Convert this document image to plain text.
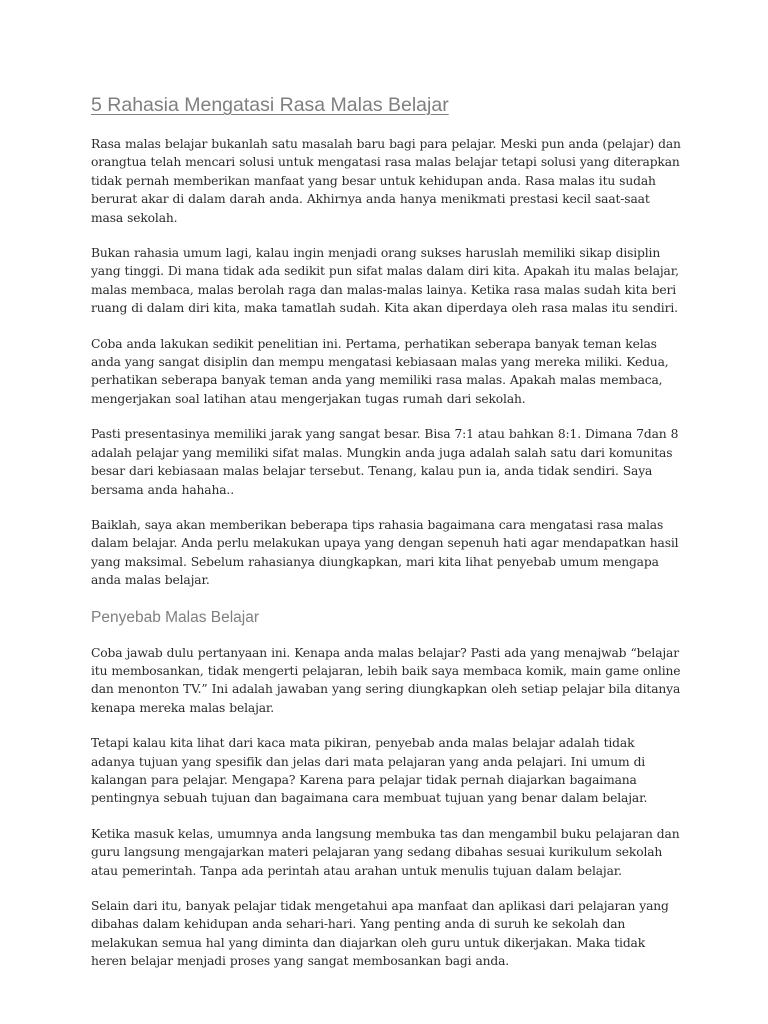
5 Rahasia Mengatasi Rasa Malas Belajar

Rasa malas belajar bukanlah satu masalah baru bagi para pelajar. Meski pun anda (pelajar) dan orangtua telah mencari solusi untuk mengatasi rasa malas belajar tetapi solusi yang diterapkan tidak pernah memberikan manfaat yang besar untuk kehidupan anda. Rasa malas itu sudah berurat akar di dalam darah anda. Akhirnya anda hanya menikmati prestasi kecil saat-saat masa sekolah.

Bukan rahasia umum lagi, kalau ingin menjadi orang sukses haruslah memiliki sikap disiplin yang tinggi. Di mana tidak ada sedikit pun sifat malas dalam diri kita. Apakah itu malas belajar, malas membaca, malas berolah raga dan malas-malas lainya. Ketika rasa malas sudah kita beri ruang di dalam diri kita, maka tamatlah sudah. Kita akan diperdaya oleh rasa malas itu sendiri.

Coba anda lakukan sedikit penelitian ini. Pertama, perhatikan seberapa banyak teman kelas anda yang sangat disiplin dan mempu mengatasi kebiasaan malas yang mereka miliki. Kedua, perhatikan seberapa banyak teman anda yang memiliki rasa malas. Apakah malas membaca, mengerjakan soal latihan atau mengerjakan tugas rumah dari sekolah.

Pasti presentasinya memiliki jarak yang sangat besar. Bisa 7:1 atau bahkan 8:1. Dimana 7dan 8 adalah pelajar yang memiliki sifat malas. Mungkin anda juga adalah salah satu dari komunitas besar dari kebiasaan malas belajar tersebut. Tenang, kalau pun ia, anda tidak sendiri. Saya bersama anda hahaha..

Baiklah, saya akan memberikan beberapa tips rahasia bagaimana cara mengatasi rasa malas dalam belajar. Anda perlu melakukan upaya yang dengan sepenuh hati agar mendapatkan hasil yang maksimal. Sebelum rahasianya diungkapkan, mari kita lihat penyebab umum mengapa anda malas belajar.

Penyebab Malas Belajar

Coba jawab dulu pertanyaan ini. Kenapa anda malas belajar? Pasti ada yang menajwab “belajar itu membosankan, tidak mengerti pelajaran, lebih baik saya membaca komik, main game online dan menonton TV.” Ini adalah jawaban yang sering diungkapkan oleh setiap pelajar bila ditanya kenapa mereka malas belajar.

Tetapi kalau kita lihat dari kaca mata pikiran, penyebab anda malas belajar adalah tidak adanya tujuan yang spesifik dan jelas dari mata pelajaran yang anda pelajari. Ini umum di kalangan para pelajar. Mengapa? Karena para pelajar tidak pernah diajarkan bagaimana pentingnya sebuah tujuan dan bagaimana cara membuat tujuan yang benar dalam belajar.

Ketika masuk kelas, umumnya anda langsung membuka tas dan mengambil buku pelajaran dan guru langsung mengajarkan materi pelajaran yang sedang dibahas sesuai kurikulum sekolah atau pemerintah. Tanpa ada perintah atau arahan untuk menulis tujuan dalam belajar.

Selain dari itu, banyak pelajar tidak mengetahui apa manfaat dan aplikasi dari pelajaran yang dibahas dalam kehidupan anda sehari-hari. Yang penting anda di suruh ke sekolah dan melakukan semua hal yang diminta dan diajarkan oleh guru untuk dikerjakan. Maka tidak heren belajar menjadi proses yang sangat membosankan bagi anda.
